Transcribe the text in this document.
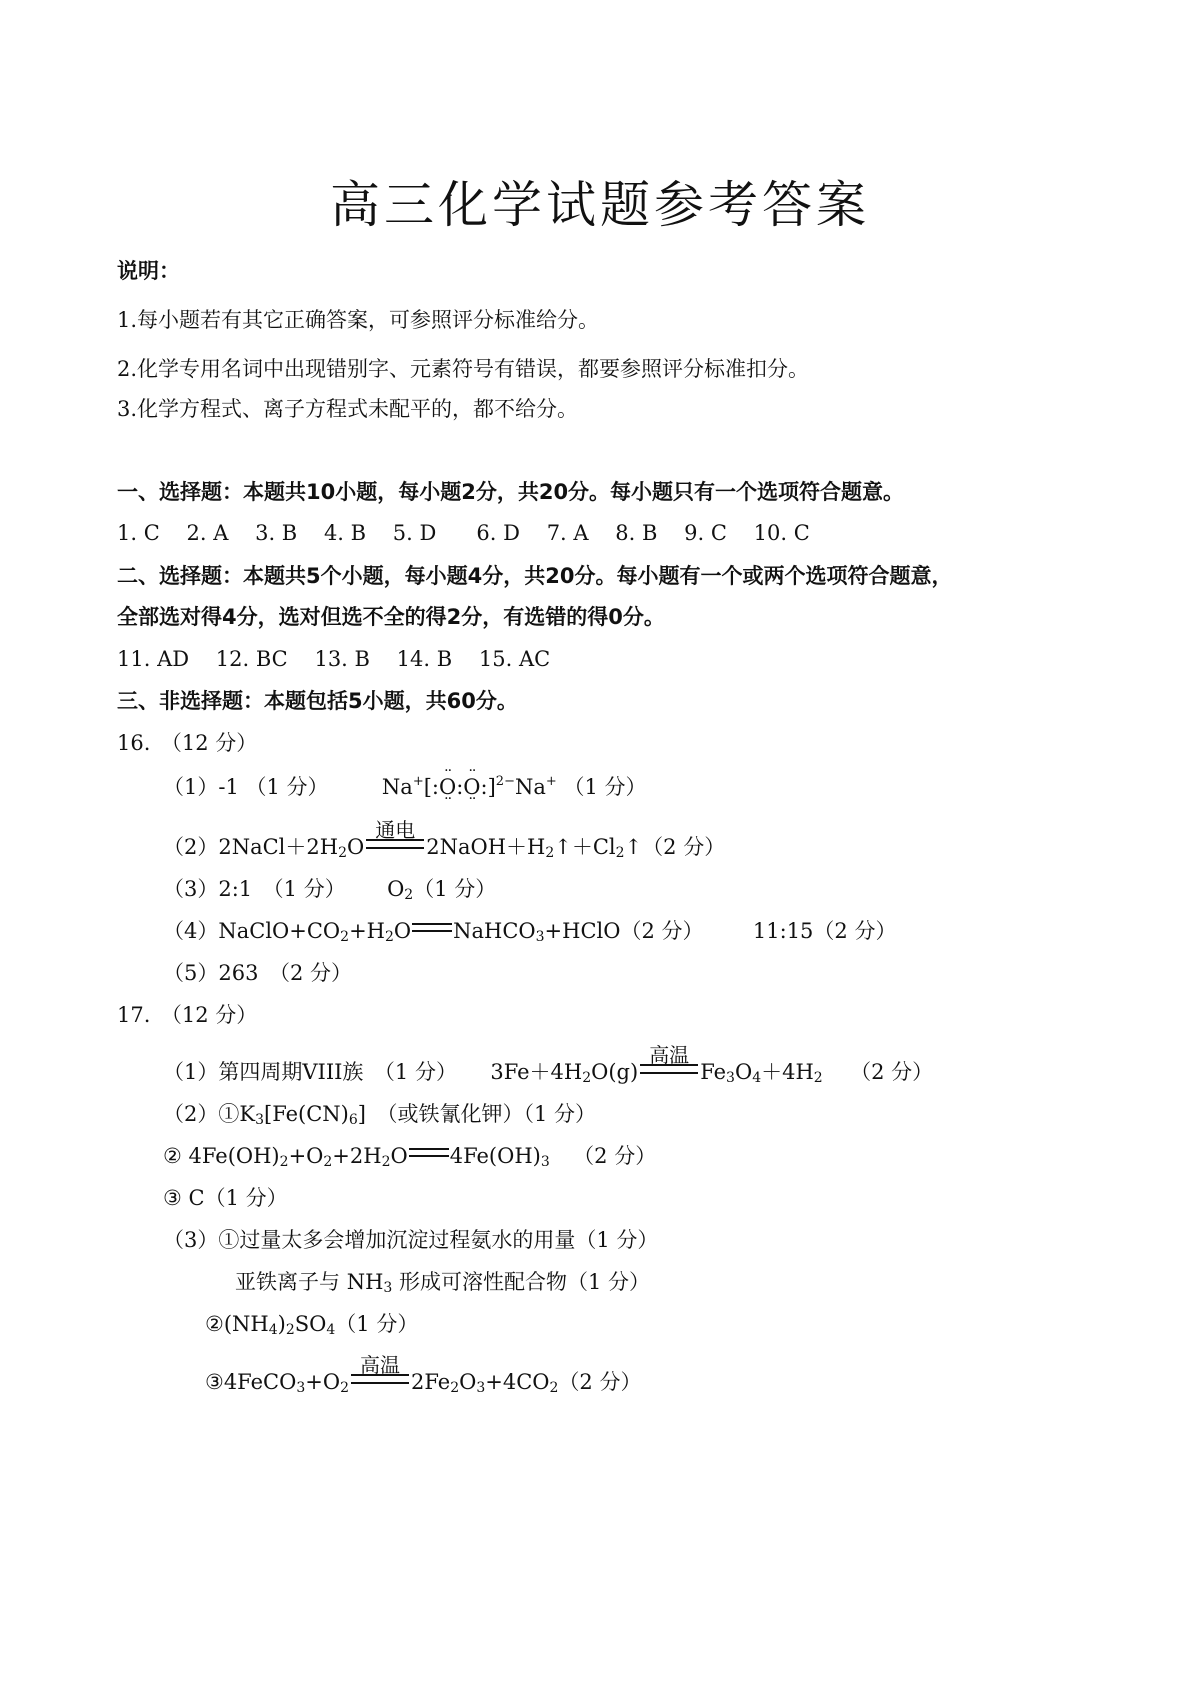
高三化学试题参考答案
说明：
1.每小题若有其它正确答案，可参照评分标准给分。
2.化学专用名词中出现错别字、元素符号有错误，都要参照评分标准扣分。
3.化学方程式、离子方程式未配平的，都不给分。
一、选择题：本题共10小题，每小题2分，共20分。每小题只有一个选项符合题意。
1. C 2. A 3. B 4. B 5. D 6. D 7. A 8. B 9. C 10. C
二、选择题：本题共5个小题，每小题4分，共20分。每小题有一个或两个选项符合题意，
全部选对得4分，选对但选不全的得2分，有选错的得0分。
11. AD 12. BC 13. B 14. B 15. AC
三、非选择题：本题包括5小题，共60分。
16.　（12 分）
（1）-1 （1 分）	Na+[:·· O ··:·· O ··:]$^{2-}$Na+ （1 分）
$(2)2NaCl+2H_2O$
通电
$2NaOH+H_2↑+Cl_2↑(2$ 分）
（3）2:1　（1 分） $O_2(1$ 分）
$(4)NaClO+CO_2+H_2O$ NaHCO$_3$+HClO（2 分） 11:15（2 分）
（5）263　（2 分）
17.　（12 分）
（1）第四周期VIII族　（1 分） $3Fe+4H_2O(g)$
高温
$Fe_3O_4+4H_2$ （2 分）
$(2)①K_3[Fe(CN)_6]$　（或铁氰化钾）（1 分）
② $4Fe(OH)_2+O_2+2H_2O$ $4Fe(OH)_3$ （2 分）
③ C（1 分）
（3）①过量太多会增加沉淀过程氨水的用量（1 分）
亚铁离子与 $NH_3$ 形成可溶性配合物（1 分）
$②(NH_4)_2SO_4(1$ 分）
$③4FeCO_3+O_2$
高温
$2Fe_2O_3+4CO_2(2$ 分）
